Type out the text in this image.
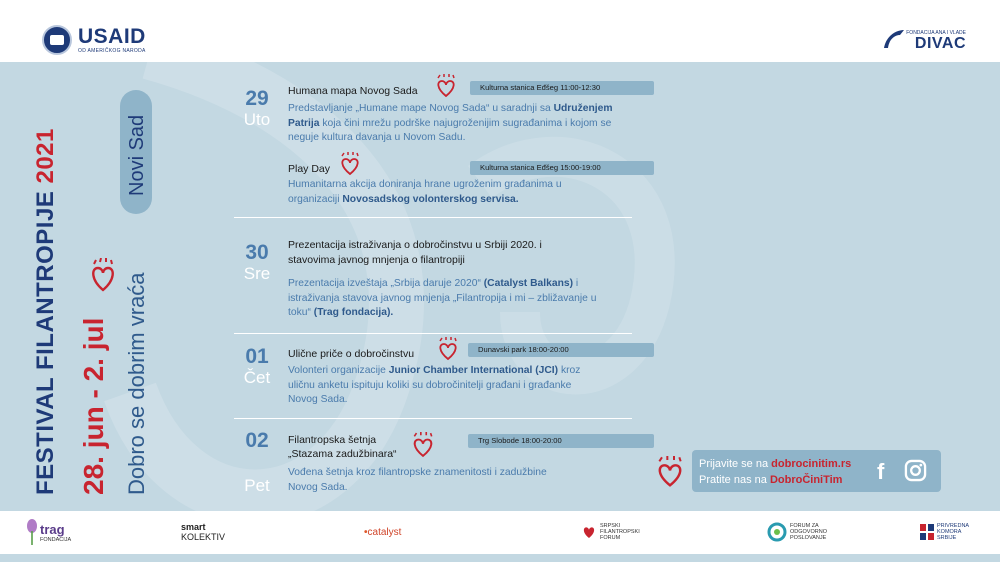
USAID
OD AMERIČKOG NARODA
FONDACIJA ANA I VLADE
DIVAC
FESTIVAL FILANTROPIJE 2021
28. jun - 2. jul Dobro se dobrim vraća
Novi Sad
29
Uto
Humana mapa Novog Sada	Kulturna stanica Eđšeg 11:00-12:30
Predstavljanje „Humane mape Novog Sada“ u saradnji sa Udruženjem Patrija koja čini mrežu podrške najugroženijim sugrađanima i kojom se neguje kultura davanja u Novom Sadu.
Play Day	Kulturna stanica Eđšeg 15:00-19:00
Humanitarna akcija doniranja hrane ugroženim građanima u organizaciji Novosadskog volonterskog servisa.
30
Sre
Prezentacija istraživanja o dobročinstvu u Srbiji 2020. i
stavovima javnog mnjenja o filantropiji
Prezentacija izveštaja „Srbija daruje 2020“ (Catalyst Balkans) i istraživanja stavova javnog mnjenja „Filantropija i mi – zbližavanje u toku“ (Trag fondacija).
01
Čet
Ulične priče o dobročinstvu	Dunavski park 18:00-20:00
Volonteri organizacije Junior Chamber International (JCI) kroz uličnu anketu ispituju koliki su dobročinitelji građani i građanke Novog Sada.
02
Pet
Filantropska šetnja
„Stazama zadužbinara“
Trg Slobode 18:00-20:00
Vođena šetnja kroz filantropske znamenitosti i zadužbine Novog Sada.
Prijavite se na dobrocinitim.rs
Pratite nas na DobroČiniTim f
trag
FONDACIJA
smart
KOLEKTIV	• catalyst
SRPSKI
FILANTROPSKI
FORUM
FORUM ZA
ODGOVORNO
POSLOVANJE
PRIVREDNA
KOMORA
SRBIJE
